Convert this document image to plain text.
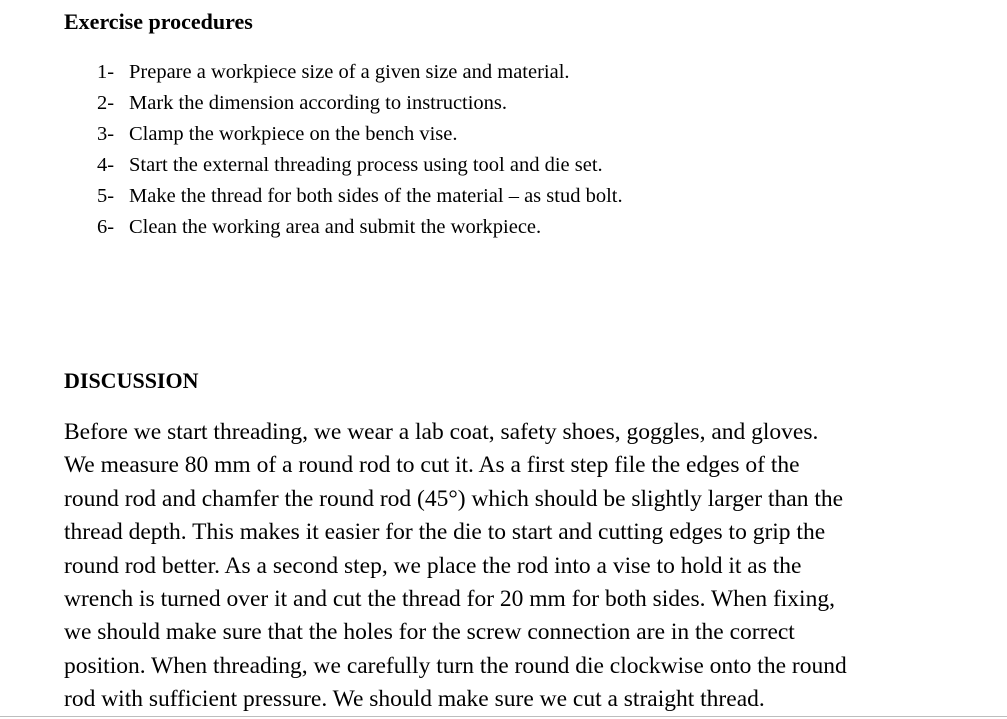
Exercise procedures
1- Prepare a workpiece size of a given size and material.
2- Mark the dimension according to instructions.
3- Clamp the workpiece on the bench vise.
4- Start the external threading process using tool and die set.
5- Make the thread for both sides of the material – as stud bolt.
6- Clean the working area and submit the workpiece.
DISCUSSION

Before we start threading, we wear a lab coat, safety shoes, goggles, and gloves.
We measure 80 mm of a round rod to cut it. As a first step file the edges of the
round rod and chamfer the round rod (45°) which should be slightly larger than the
thread depth. This makes it easier for the die to start and cutting edges to grip the
round rod better. As a second step, we place the rod into a vise to hold it as the
wrench is turned over it and cut the thread for 20 mm for both sides. When fixing,
we should make sure that the holes for the screw connection are in the correct
position. When threading, we carefully turn the round die clockwise onto the round
rod with sufficient pressure. We should make sure we cut a straight thread.
